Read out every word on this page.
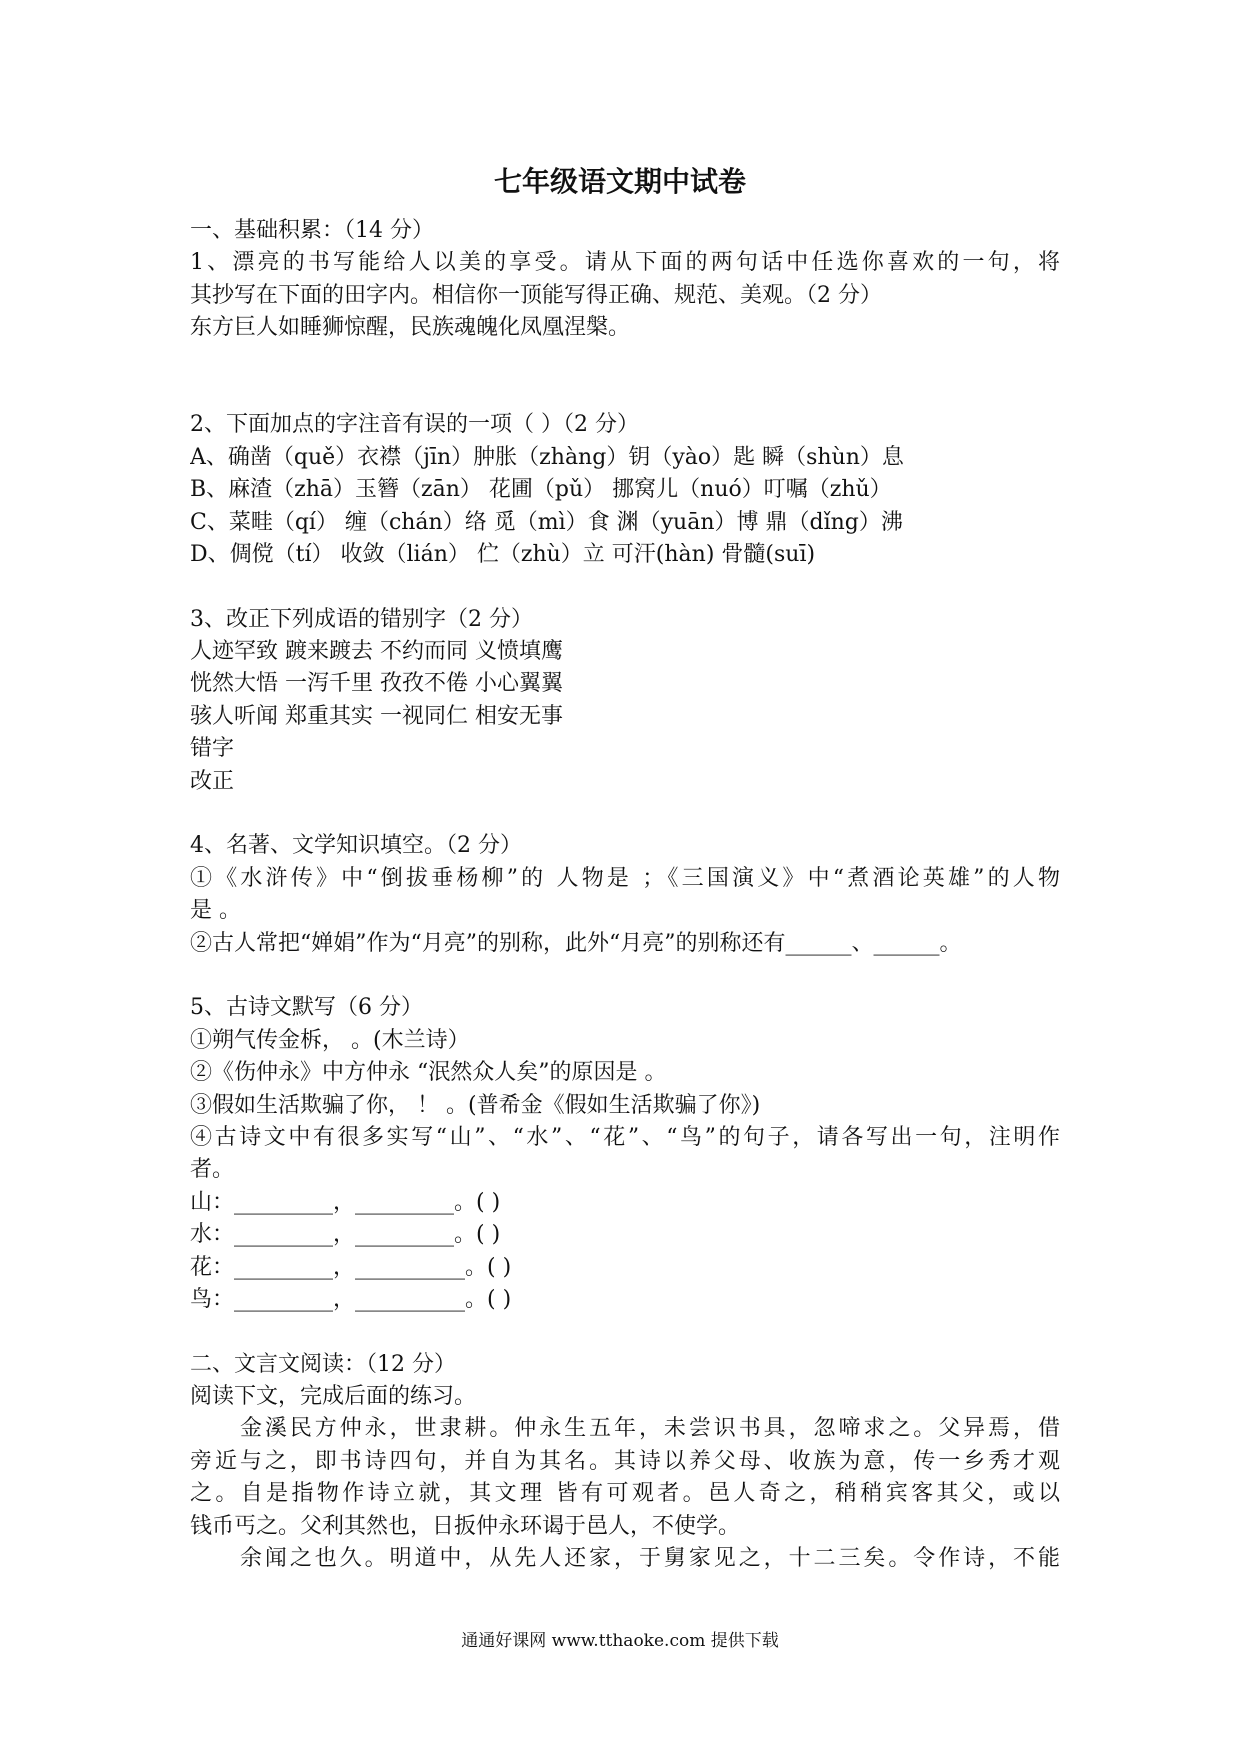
七年级语文期中试卷
一、基础积累：（14 分）
1、漂亮的书写能给人以美的享受。请从下面的两句话中任选你喜欢的一句，将
其抄写在下面的田字内。相信你一顶能写得正确、规范、美观。（2 分）
东方巨人如睡狮惊醒，民族魂魄化凤凰涅槃。
2、下面加点的字注音有误的一项（ ）（2 分）
A、确凿（quě）衣襟（jīn）肿胀（zhàng）钥（yào）匙 瞬（shùn）息
B、麻渣（zhā）玉簪（zān） 花圃（pǔ） 挪窝儿（nuó）叮嘱（zhǔ）
C、菜畦（qí） 缠（chán）络 觅（mì）食 渊（yuān）博 鼎（dǐng）沸
D、倜傥（tí） 收敛（lián） 伫（zhù）立 可汗(hàn) 骨髓(suī)
3、改正下列成语的错别字（2 分）
人迹罕致 踱来踱去 不约而同 义愤填鹰
恍然大悟 一泻千里 孜孜不倦 小心翼翼
骇人听闻 郑重其实 一视同仁 相安无事
错字
改正
4、名著、文学知识填空。（2 分）
①《水浒传》中“倒拔垂杨柳”的 人物是 ；《三国演义》中“煮酒论英雄”的人物
是 。
②古人常把“婵娟”作为“月亮”的别称，此外“月亮”的别称还有______、______。
5、古诗文默写（6 分）
①朔气传金柝， 。(木兰诗）
②《伤仲永》中方仲永 “泯然众人矣”的原因是 。
③假如生活欺骗了你， ！ 。(普希金《假如生活欺骗了你》)
④古诗文中有很多实写“山”、“水”、“花”、“鸟”的句子，请各写出一句，注明作
者。
山：_________，_________。( )
水：_________，_________。( )
花：_________，__________。( )
鸟：_________，__________。( )
二、文言文阅读：（12 分）
阅读下文，完成后面的练习。
金溪民方仲永，世隶耕。仲永生五年，未尝识书具，忽啼求之。父异焉，借
旁近与之，即书诗四句，并自为其名。其诗以养父母、收族为意，传一乡秀才观
之。自是指物作诗立就，其文理 皆有可观者。邑人奇之，稍稍宾客其父，或以
钱币丐之。父利其然也，日扳仲永环谒于邑人，不使学。
余闻之也久。明道中，从先人还家，于舅家见之，十二三矣。令作诗，不能
通通好课网 www.tthaoke.com 提供下载
